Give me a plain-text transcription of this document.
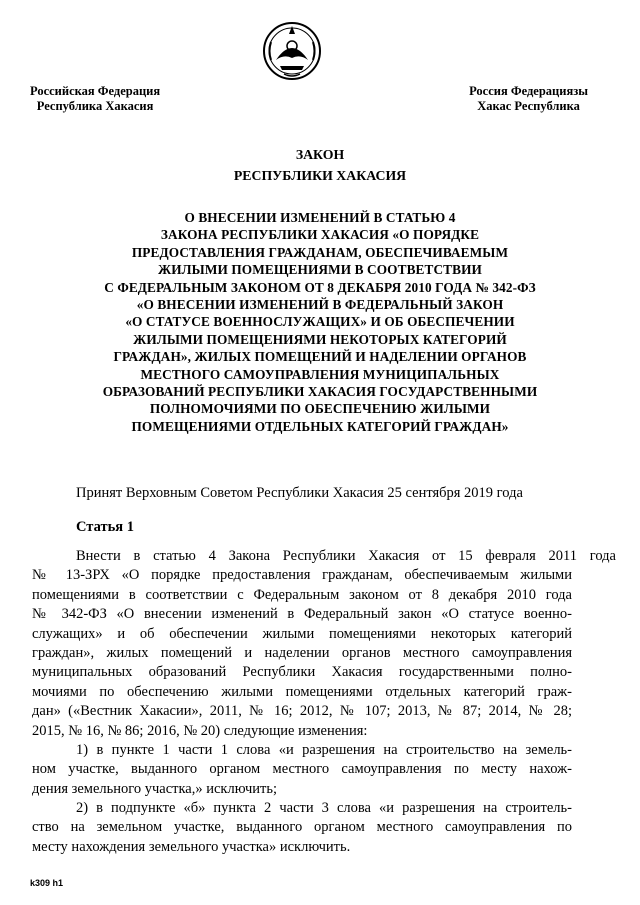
Российская Федерация
Республика Хакасия

Россия Федерациязы
Хакас Республика

ЗАКОН
РЕСПУБЛИКИ ХАКАСИЯ
О ВНЕСЕНИИ ИЗМЕНЕНИЙ В СТАТЬЮ 4
ЗАКОНА РЕСПУБЛИКИ ХАКАСИЯ «О ПОРЯДКЕ
ПРЕДОСТАВЛЕНИЯ ГРАЖДАНАМ, ОБЕСПЕЧИВАЕМЫМ
ЖИЛЫМИ ПОМЕЩЕНИЯМИ В СООТВЕТСТВИИ
С ФЕДЕРАЛЬНЫМ ЗАКОНОМ ОТ 8 ДЕКАБРЯ 2010 ГОДА № 342-ФЗ
«О ВНЕСЕНИИ ИЗМЕНЕНИЙ В ФЕДЕРАЛЬНЫЙ ЗАКОН
«О СТАТУСЕ ВОЕННОСЛУЖАЩИХ» И ОБ ОБЕСПЕЧЕНИИ
ЖИЛЫМИ ПОМЕЩЕНИЯМИ НЕКОТОРЫХ КАТЕГОРИЙ
ГРАЖДАН», ЖИЛЫХ ПОМЕЩЕНИЙ И НАДЕЛЕНИИ ОРГАНОВ
МЕСТНОГО САМОУПРАВЛЕНИЯ МУНИЦИПАЛЬНЫХ
ОБРАЗОВАНИЙ РЕСПУБЛИКИ ХАКАСИЯ ГОСУДАРСТВЕННЫМИ
ПОЛНОМОЧИЯМИ ПО ОБЕСПЕЧЕНИЮ ЖИЛЫМИ
ПОМЕЩЕНИЯМИ ОТДЕЛЬНЫХ КАТЕГОРИЙ ГРАЖДАН»

Принят Верховным Советом Республики Хакасия 25 сентября 2019 года

Статья 1

Внести в статью 4 Закона Республики Хакасия от 15 февраля 2011 года
№ 13-ЗРХ «О порядке предоставления гражданам, обеспечиваемым жилыми
помещениями в соответствии с Федеральным законом от 8 декабря 2010 года
№ 342-ФЗ «О внесении изменений в Федеральный закон «О статусе военно-
служащих» и об обеспечении жилыми помещениями некоторых категорий
граждан», жилых помещений и наделении органов местного самоуправления
муниципальных образований Республики Хакасия государственными полно-
мочиями по обеспечению жилыми помещениями отдельных категорий граж-
дан» («Вестник Хакасии», 2011, № 16; 2012, № 107; 2013, № 87; 2014, № 28;
2015, № 16, № 86; 2016, № 20) следующие изменения:
1) в пункте 1 части 1 слова «и разрешения на строительство на земель-
ном участке, выданного органом местного самоуправления по месту нахож-
дения земельного участка,» исключить;
2) в подпункте «б» пункта 2 части 3 слова «и разрешения на строитель-
ство на земельном участке, выданного органом местного самоуправления по
месту нахождения земельного участка» исключить.

k309 h1
